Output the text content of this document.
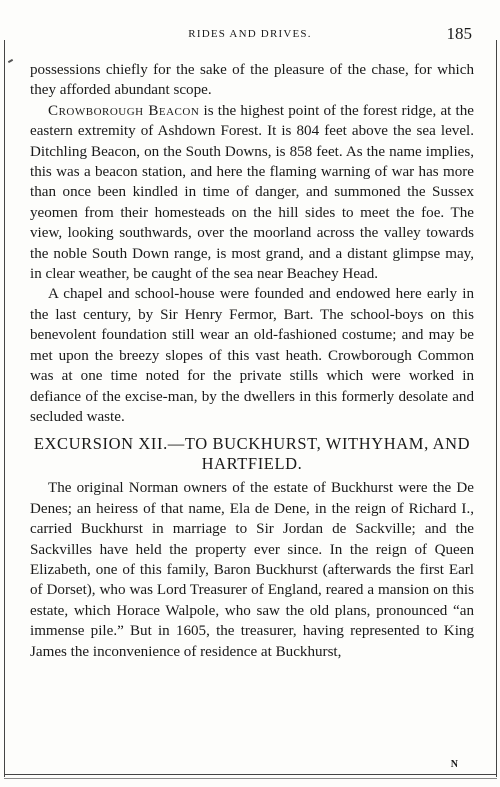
RIDES AND DRIVES.	185

possessions chiefly for the sake of the pleasure of the chase, for which they afforded abundant scope.

Crowborough Beacon is the highest point of the forest ridge, at the eastern extremity of Ashdown Forest. It is 804 feet above the sea level. Ditchling Beacon, on the South Downs, is 858 feet. As the name implies, this was a beacon station, and here the flaming warning of war has more than once been kindled in time of danger, and summoned the Sussex yeomen from their homesteads on the hill sides to meet the foe. The view, looking southwards, over the moorland across the valley towards the noble South Down range, is most grand, and a distant glimpse may, in clear weather, be caught of the sea near Beachey Head.

A chapel and school-house were founded and endowed here early in the last century, by Sir Henry Fermor, Bart. The school-boys on this benevolent foundation still wear an old-fashioned costume; and may be met upon the breezy slopes of this vast heath. Crowborough Common was at one time noted for the private stills which were worked in defiance of the excise-man, by the dwellers in this formerly desolate and secluded waste.

EXCURSION XII.—TO BUCKHURST, WITHYHAM, AND HARTFIELD.

The original Norman owners of the estate of Buckhurst were the De Denes; an heiress of that name, Ela de Dene, in the reign of Richard I., carried Buckhurst in marriage to Sir Jordan de Sackville; and the Sackvilles have held the property ever since. In the reign of Queen Elizabeth, one of this family, Baron Buckhurst (afterwards the first Earl of Dorset), who was Lord Treasurer of England, reared a mansion on this estate, which Horace Walpole, who saw the old plans, pronounced “an immense pile.” But in 1605, the treasurer, having represented to King James the inconvenience of residence at Buckhurst,

N
